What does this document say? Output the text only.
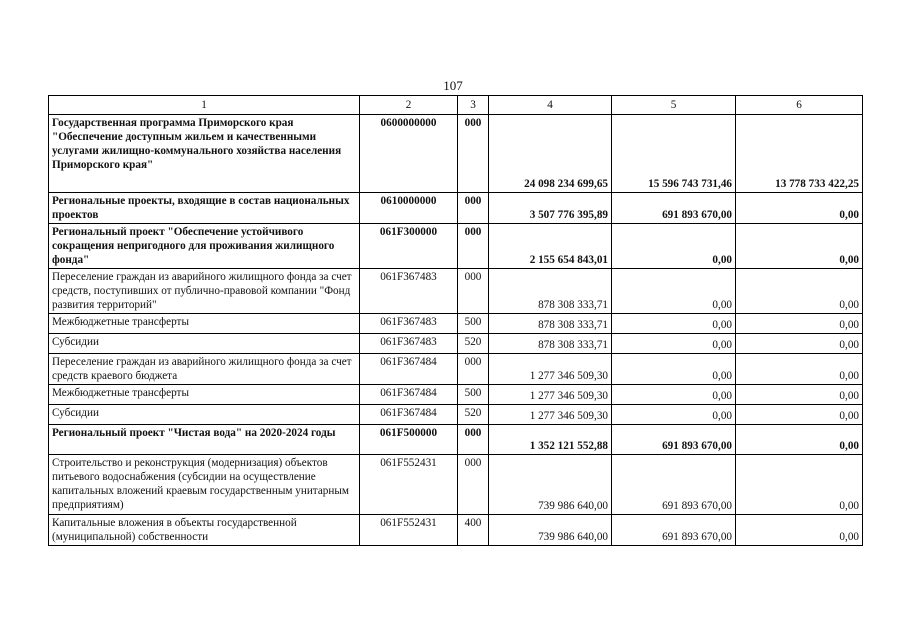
107
1	2	3	4	5	6
Государственная программа Приморского края "Обеспечение доступным жильем и качественными услугами жилищно-коммунального хозяйства населения Приморского края"	0600000000	000	24 098 234 699,65	15 596 743 731,46	13 778 733 422,25
Региональные проекты, входящие в состав национальных проектов	0610000000	000	3 507 776 395,89	691 893 670,00	0,00
Региональный проект "Обеспечение устойчивого сокращения непригодного для проживания жилищного фонда"	061F300000	000	2 155 654 843,01	0,00	0,00
Переселение граждан из аварийного жилищного фонда за счет средств, поступивших от публично-правовой компании "Фонд развития территорий"	061F367483	000	878 308 333,71	0,00	0,00
Межбюджетные трансферты	061F367483	500	878 308 333,71	0,00	0,00
Субсидии	061F367483	520	878 308 333,71	0,00	0,00
Переселение граждан из аварийного жилищного фонда за счет средств краевого бюджета	061F367484	000	1 277 346 509,30	0,00	0,00
Межбюджетные трансферты	061F367484	500	1 277 346 509,30	0,00	0,00
Субсидии	061F367484	520	1 277 346 509,30	0,00	0,00
Региональный проект "Чистая вода" на 2020-2024 годы	061F500000	000	1 352 121 552,88	691 893 670,00	0,00
Строительство и реконструкция (модернизация) объектов питьевого водоснабжения (субсидии на осуществление капитальных вложений краевым государственным унитарным предприятиям)	061F552431	000	739 986 640,00	691 893 670,00	0,00
Капитальные вложения в объекты государственной (муниципальной) собственности	061F552431	400	739 986 640,00	691 893 670,00	0,00
